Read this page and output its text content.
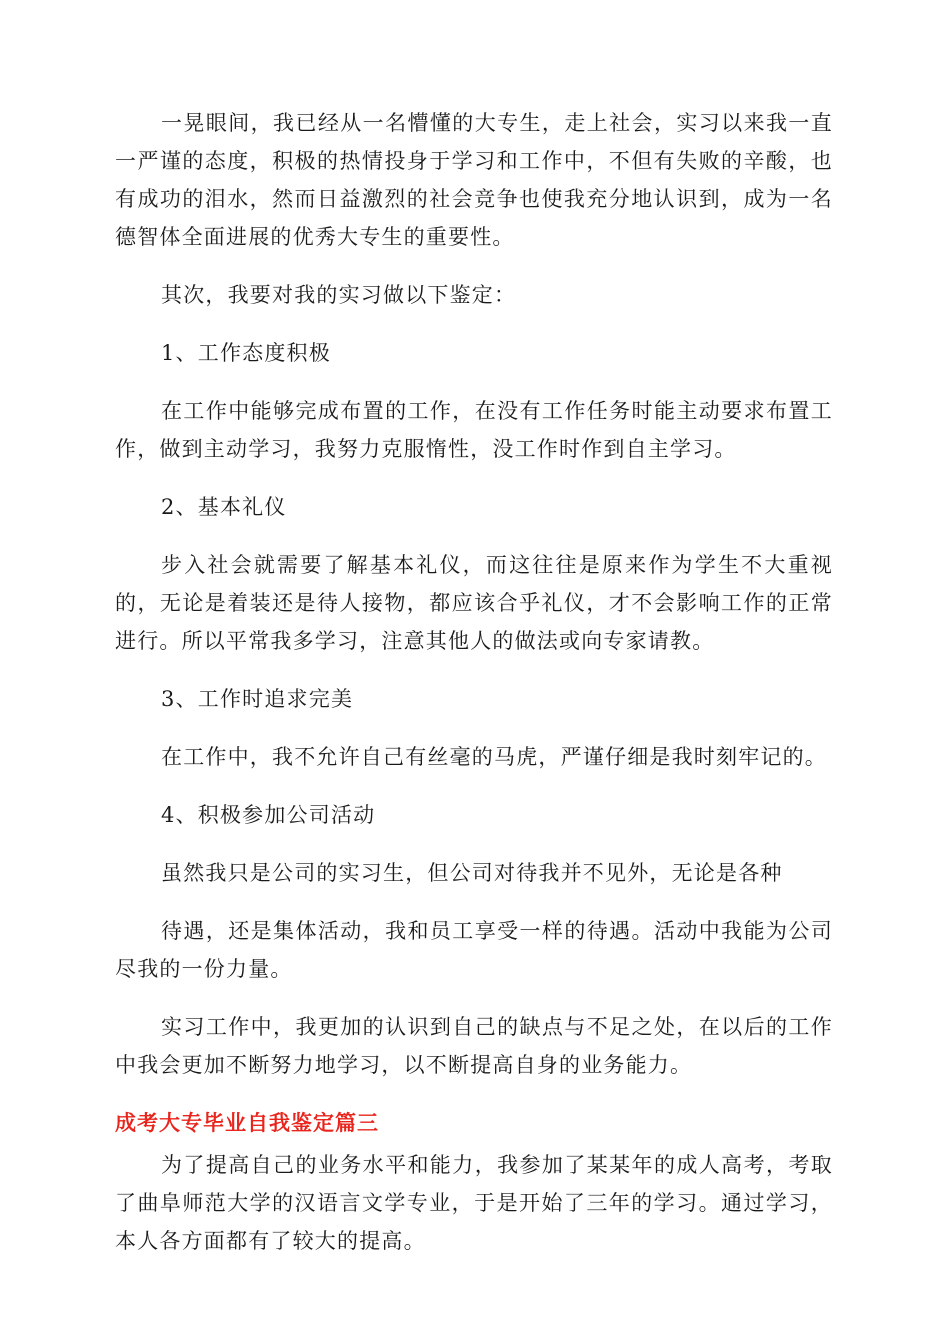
一晃眼间，我已经从一名懵懂的大专生，走上社会，实习以来我一直一严谨的态度，积极的热情投身于学习和工作中，不但有失败的辛酸，也有成功的泪水，然而日益激烈的社会竞争也使我充分地认识到，成为一名德智体全面进展的优秀大专生的重要性。

其次，我要对我的实习做以下鉴定：

1、工作态度积极

在工作中能够完成布置的工作，在没有工作任务时能主动要求布置工作，做到主动学习，我努力克服惰性，没工作时作到自主学习。

2、基本礼仪

步入社会就需要了解基本礼仪，而这往往是原来作为学生不大重视的，无论是着装还是待人接物，都应该合乎礼仪，才不会影响工作的正常进行。所以平常我多学习，注意其他人的做法或向专家请教。

3、工作时追求完美

在工作中，我不允许自己有丝毫的马虎，严谨仔细是我时刻牢记的。

4、积极参加公司活动

虽然我只是公司的实习生，但公司对待我并不见外，无论是各种

待遇，还是集体活动，我和员工享受一样的待遇。活动中我能为公司尽我的一份力量。

实习工作中，我更加的认识到自己的缺点与不足之处，在以后的工作中我会更加不断努力地学习，以不断提高自身的业务能力。

成考大专毕业自我鉴定篇三

为了提高自己的业务水平和能力，我参加了某某年的成人高考，考取了曲阜师范大学的汉语言文学专业，于是开始了三年的学习。通过学习，本人各方面都有了较大的提高。
